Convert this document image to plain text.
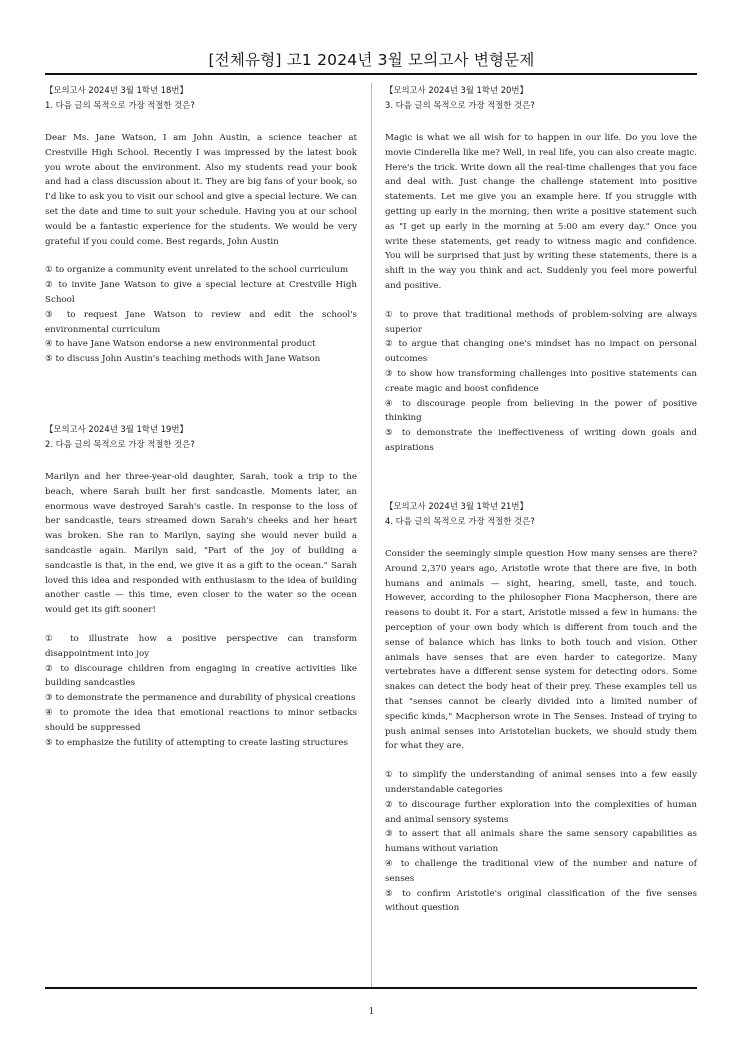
[전체유형] 고1 2024년 3월 모의고사 변형문제

【모의고사 2024년 3월 1학년 18번】

1. 다음 글의 목적으로 가장 적절한 것은?

Dear Ms. Jane Watson, I am John Austin, a science teacher at Crestville High School. Recently I was impressed by the latest book you wrote about the environment. Also my students read your book and had a class discussion about it. They are big fans of your book, so I'd like to ask you to visit our school and give a special lecture. We can set the date and time to suit your schedule. Having you at our school would be a fantastic experience for the students. We would be very grateful if you could come. Best regards, John Austin

① to organize a community event unrelated to the school curriculum
② to invite Jane Watson to give a special lecture at Crestville High School
③ to request Jane Watson to review and edit the school's environmental curriculum
④ to have Jane Watson endorse a new environmental product
⑤ to discuss John Austin's teaching methods with Jane Watson

【모의고사 2024년 3월 1학년 19번】

2. 다음 글의 목적으로 가장 적절한 것은?

Marilyn and her three-year-old daughter, Sarah, took a trip to the beach, where Sarah built her first sandcastle. Moments later, an enormous wave destroyed Sarah's castle. In response to the loss of her sandcastle, tears streamed down Sarah's cheeks and her heart was broken. She ran to Marilyn, saying she would never build a sandcastle again. Marilyn said, "Part of the joy of building a sandcastle is that, in the end, we give it as a gift to the ocean." Sarah loved this idea and responded with enthusiasm to the idea of building another castle — this time, even closer to the water so the ocean would get its gift sooner!

① to illustrate how a positive perspective can transform disappointment into joy
② to discourage children from engaging in creative activities like building sandcastles
③ to demonstrate the permanence and durability of physical creations
④ to promote the idea that emotional reactions to minor setbacks should be suppressed
⑤ to emphasize the futility of attempting to create lasting structures

【모의고사 2024년 3월 1학년 20번】

3. 다음 글의 목적으로 가장 적절한 것은?

Magic is what we all wish for to happen in our life. Do you love the movie Cinderella like me? Well, in real life, you can also create magic. Here's the trick. Write down all the real-time challenges that you face and deal with. Just change the challenge statement into positive statements. Let me give you an example here. If you struggle with getting up early in the morning, then write a positive statement such as "I get up early in the morning at 5:00 am every day." Once you write these statements, get ready to witness magic and confidence. You will be surprised that just by writing these statements, there is a shift in the way you think and act. Suddenly you feel more powerful and positive.

① to prove that traditional methods of problem-solving are always superior
② to argue that changing one's mindset has no impact on personal outcomes
③ to show how transforming challenges into positive statements can create magic and boost confidence
④ to discourage people from believing in the power of positive thinking
⑤ to demonstrate the ineffectiveness of writing down goals and aspirations

【모의고사 2024년 3월 1학년 21번】

4. 다음 글의 목적으로 가장 적절한 것은?

Consider the seemingly simple question How many senses are there? Around 2,370 years ago, Aristotle wrote that there are five, in both humans and animals — sight, hearing, smell, taste, and touch. However, according to the philosopher Fiona Macpherson, there are reasons to doubt it. For a start, Aristotle missed a few in humans: the perception of your own body which is different from touch and the sense of balance which has links to both touch and vision. Other animals have senses that are even harder to categorize. Many vertebrates have a different sense system for detecting odors. Some snakes can detect the body heat of their prey. These examples tell us that "senses cannot be clearly divided into a limited number of specific kinds," Macpherson wrote in The Senses. Instead of trying to push animal senses into Aristotelian buckets, we should study them for what they are.

① to simplify the understanding of animal senses into a few easily understandable categories
② to discourage further exploration into the complexities of human and animal sensory systems
③ to assert that all animals share the same sensory capabilities as humans without variation
④ to challenge the traditional view of the number and nature of senses
⑤ to confirm Aristotle's original classification of the five senses without question
1
